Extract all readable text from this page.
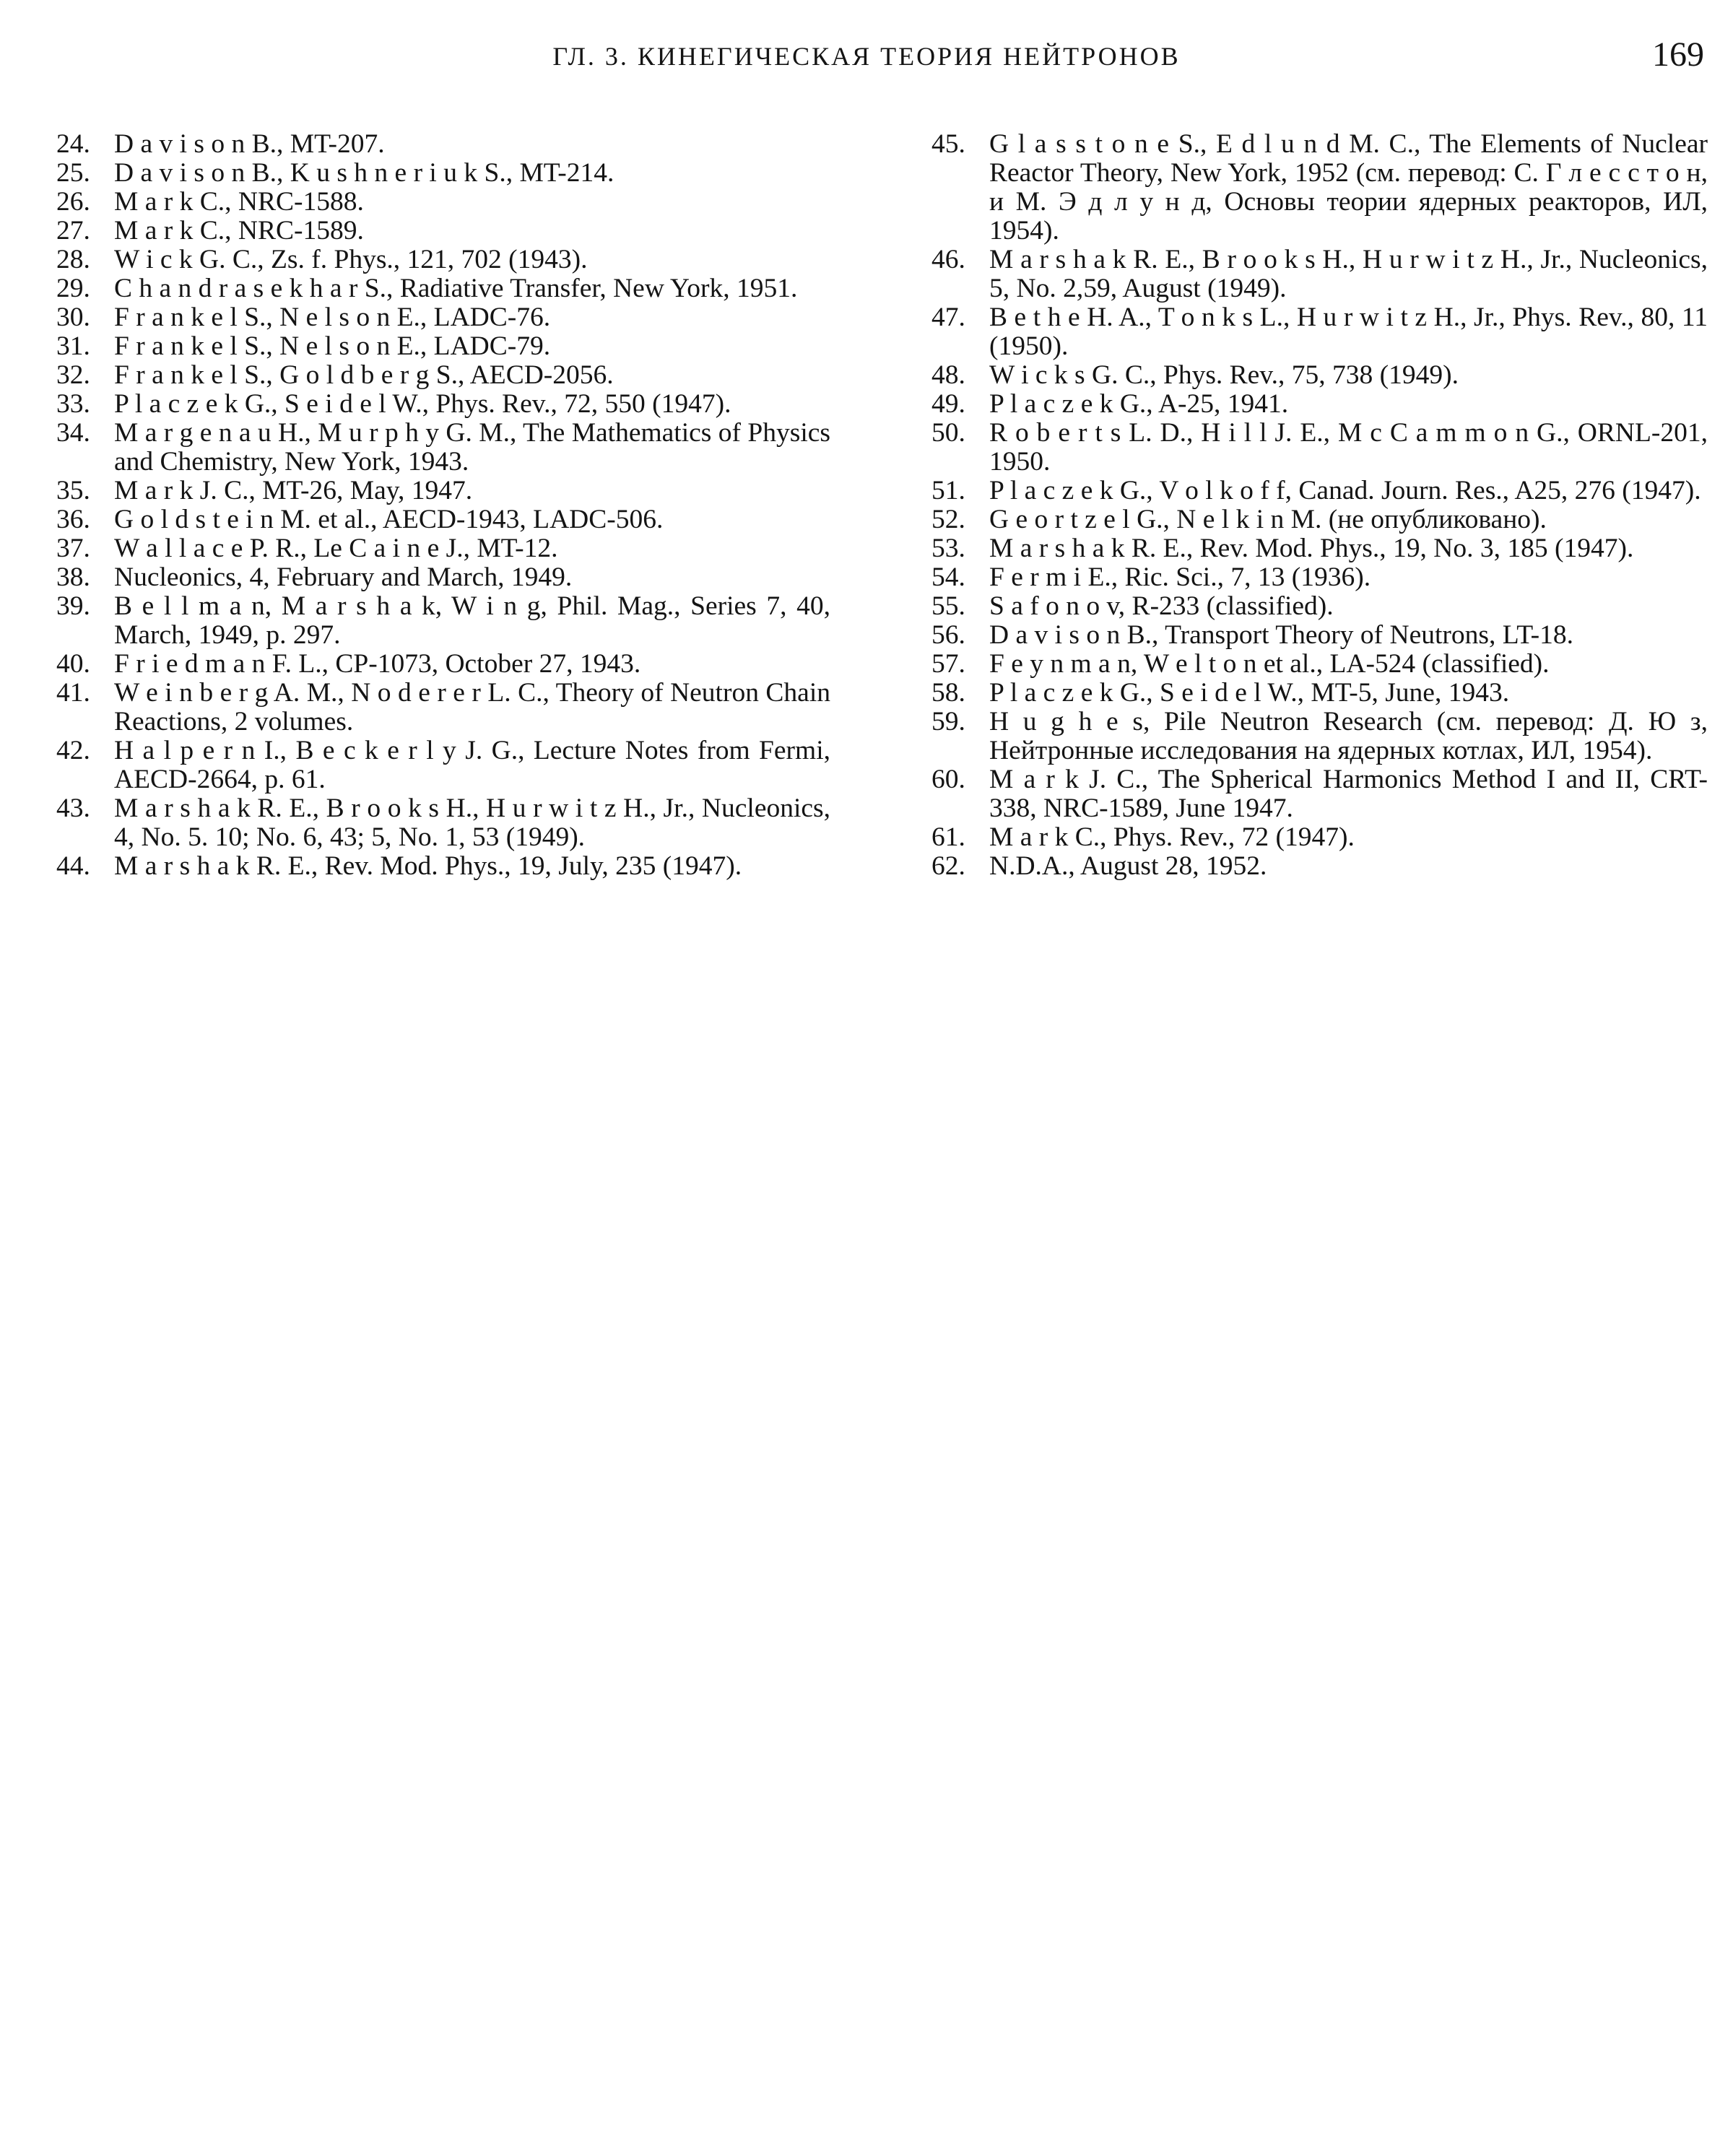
ГЛ. 3. КИНЕГИЧЕСКАЯ ТЕОРИЯ НЕЙТРОНОВ	169
24. D a v i s o n B., MT-207.
25. D a v i s o n B., K u s h n e r i u k S., MT-214.
26. M a r k C., NRC-1588.
27. M a r k C., NRC-1589.
28. W i c k G. C., Zs. f. Phys., 121, 702 (1943).
29. C h a n d r a s e k h a r S., Radiative Transfer, New York, 1951.
30. F r a n k e l S., N e l s o n E., LADC-76.
31. F r a n k e l S., N e l s o n E., LADC-79.
32. F r a n k e l S., G o l d b e r g S., AECD-2056.
33. P l a c z e k G., S e i d e l W., Phys. Rev., 72, 550 (1947).
34. M a r g e n a u H., M u r p h y G. M., The Mathematics of Physics and Chemistry, New York, 1943.
35. M a r k J. C., MT-26, May, 1947.
36. G o l d s t e i n M. et al., AECD-1943, LADC-506.
37. W a l l a c e P. R., Le C a i n e J., MT-12.
38. Nucleonics, 4, February and March, 1949.
39. B e l l m a n, M a r s h a k, W i n g, Phil. Mag., Series 7, 40, March, 1949, p. 297.
40. F r i e d m a n F. L., CP-1073, October 27, 1943.
41. W e i n b e r g A. M., N o d e r e r L. C., Theory of Neutron Chain Reactions, 2 volumes.
42. H a l p e r n I., B e c k e r l y J. G., Lecture Notes from Fermi, AECD-2664, p. 61.
43. M a r s h a k R. E., B r o o k s H., H u r w i t z H., Jr., Nucleonics, 4, No. 5. 10; No. 6, 43; 5, No. 1, 53 (1949).
44. M a r s h a k R. E., Rev. Mod. Phys., 19, July, 235 (1947).
45. G l a s s t o n e S., E d l u n d M. C., The Elements of Nuclear Reactor Theory, New York, 1952 (см. перевод: С. Г л е с с т о н, и М. Э д л у н д, Основы теории ядерных реакторов, ИЛ, 1954).
46. M a r s h a k R. E., B r o o k s H., H u r w i t z H., Jr., Nucleonics, 5, No. 2,59, August (1949).
47. B e t h e H. A., T o n k s L., H u r w i t z H., Jr., Phys. Rev., 80, 11 (1950).
48. W i c k s G. C., Phys. Rev., 75, 738 (1949).
49. P l a c z e k G., A-25, 1941.
50. R o b e r t s L. D., H i l l J. E., M c C a m m o n G., ORNL-201, 1950.
51. P l a c z e k G., V o l k o f f, Canad. Journ. Res., A25, 276 (1947).
52. G e o r t z e l G., N e l k i n M. (не опубликовано).
53. M a r s h a k R. E., Rev. Mod. Phys., 19, No. 3, 185 (1947).
54. F e r m i E., Ric. Sci., 7, 13 (1936).
55. S a f o n o v, R-233 (classified).
56. D a v i s o n B., Transport Theory of Neutrons, LT-18.
57. F e y n m a n, W e l t o n et al., LA-524 (classified).
58. P l a c z e k G., S e i d e l W., MT-5, June, 1943.
59. H u g h e s, Pile Neutron Research (см. перевод: Д. Ю з, Нейтронные исследования на ядерных котлах, ИЛ, 1954).
60. M a r k J. C., The Spherical Harmonics Method I and II, CRT-338, NRC-1589, June 1947.
61. M a r k C., Phys. Rev., 72 (1947).
62. N.D.A., August 28, 1952.
